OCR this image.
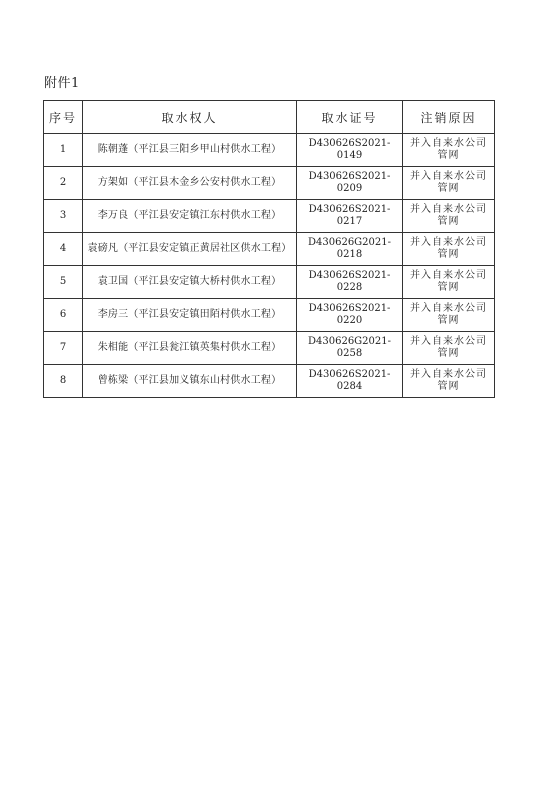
附件1
序号	取水权人	取水证号	注销原因
1	陈朝蓬（平江县三阳乡甲山村供水工程）	D430626S2021-0149	并入自来水公司管网
2	方架如（平江县木金乡公安村供水工程）	D430626S2021-0209	并入自来水公司管网
3	李万良（平江县安定镇江东村供水工程）	D430626S2021-0217	并入自来水公司管网
4	袁磅凡（平江县安定镇正黄居社区供水工程）	D430626G2021-0218	并入自来水公司管网
5	袁卫国（平江县安定镇大桥村供水工程）	D430626S2021-0228	并入自来水公司管网
6	李房三（平江县安定镇田陌村供水工程）	D430626S2021-0220	并入自来水公司管网
7	朱相能（平江县瓮江镇英集村供水工程）	D430626G2021-0258	并入自来水公司管网
8	曾栋梁（平江县加义镇东山村供水工程）	D430626S2021-0284	并入自来水公司管网
